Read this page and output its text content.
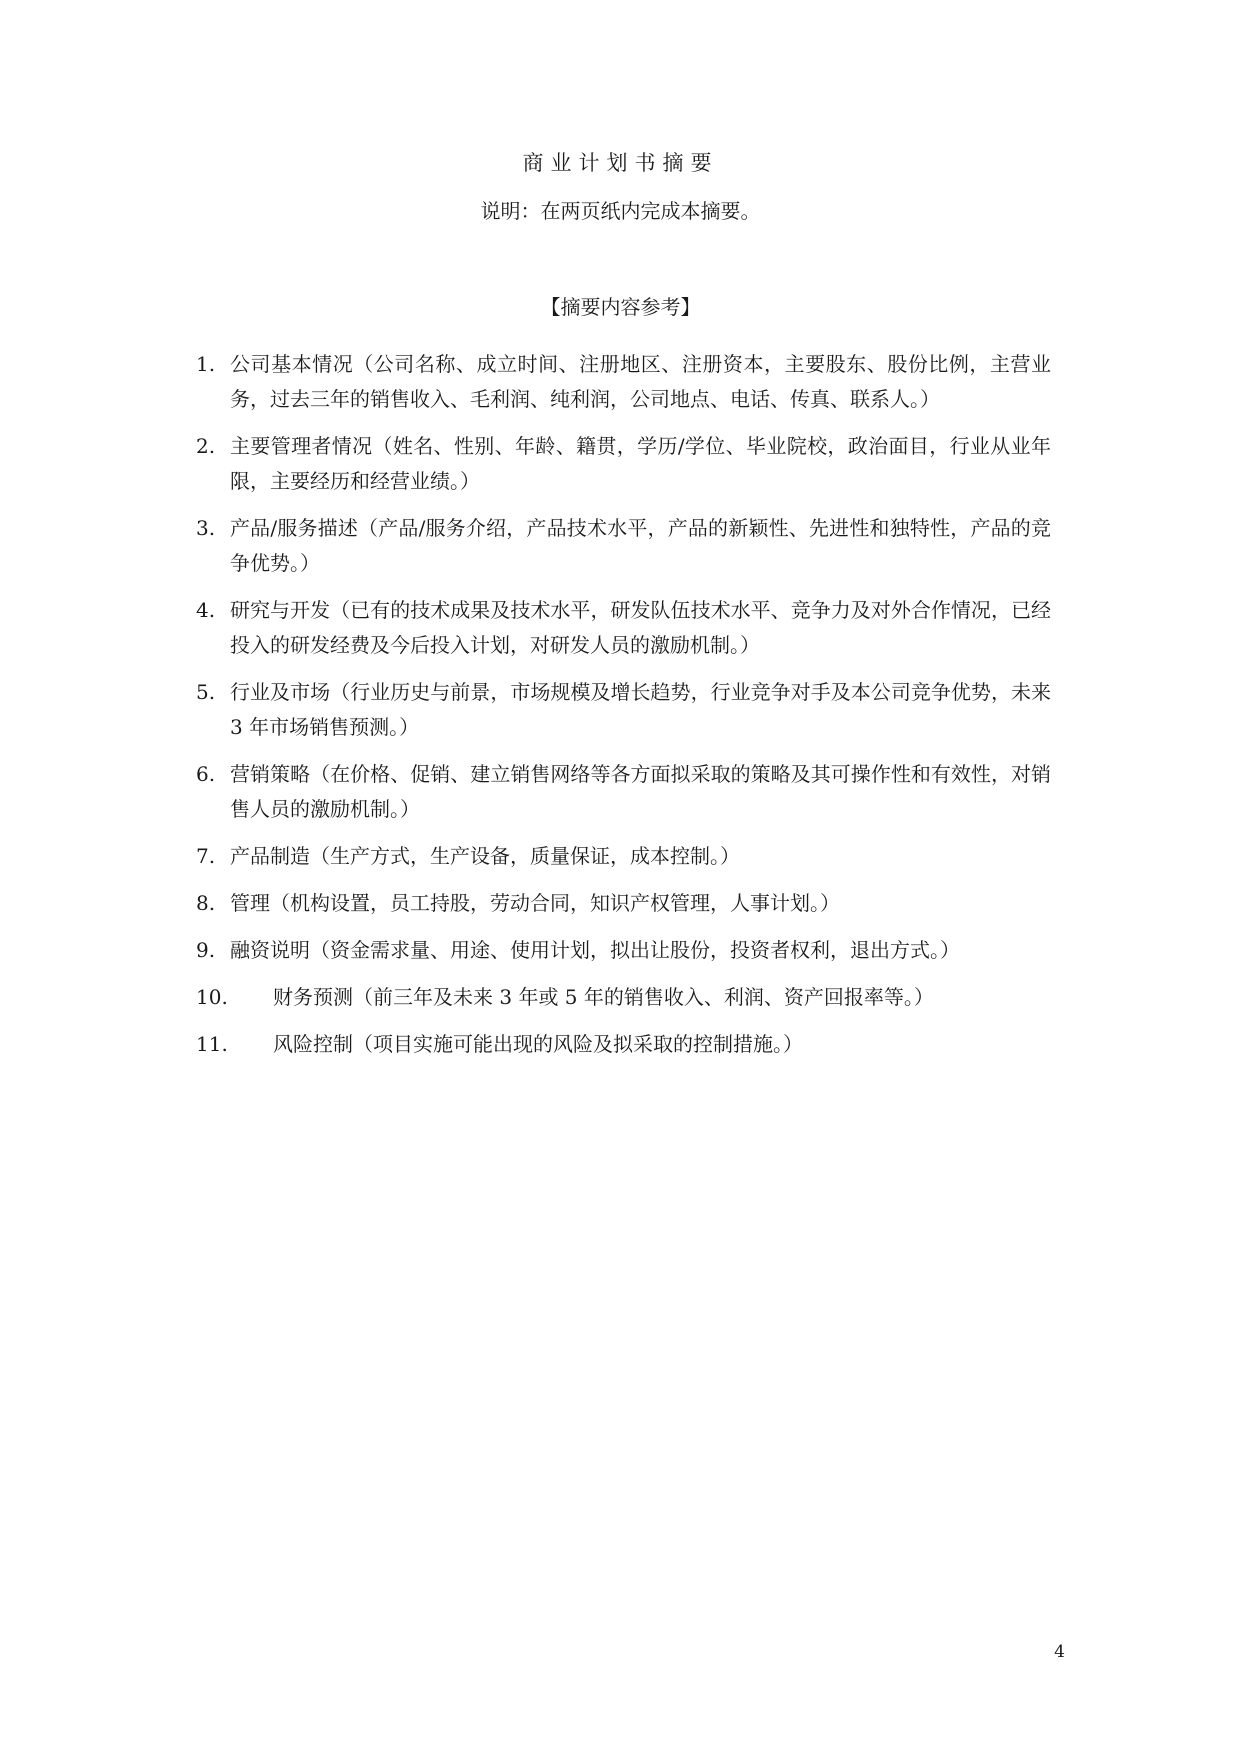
商业计划书摘要
说明：在两页纸内完成本摘要。
【摘要内容参考】
1. 公司基本情况（公司名称、成立时间、注册地区、注册资本，主要股东、股份比例，主营业务，过去三年的销售收入、毛利润、纯利润，公司地点、电话、传真、联系人。）
2. 主要管理者情况（姓名、性别、年龄、籍贯，学历/学位、毕业院校，政治面目，行业从业年限，主要经历和经营业绩。）
3. 产品/服务描述（产品/服务介绍，产品技术水平，产品的新颖性、先进性和独特性，产品的竞争优势。）
4. 研究与开发（已有的技术成果及技术水平，研发队伍技术水平、竞争力及对外合作情况，已经投入的研发经费及今后投入计划，对研发人员的激励机制。）
5. 行业及市场（行业历史与前景，市场规模及增长趋势，行业竞争对手及本公司竞争优势，未来 3 年市场销售预测。）
6. 营销策略（在价格、促销、建立销售网络等各方面拟采取的策略及其可操作性和有效性，对销售人员的激励机制。）
7. 产品制造（生产方式，生产设备，质量保证，成本控制。）
8. 管理（机构设置，员工持股，劳动合同，知识产权管理，人事计划。）
9. 融资说明（资金需求量、用途、使用计划，拟出让股份，投资者权利，退出方式。）
10. 财务预测（前三年及未来 3 年或 5 年的销售收入、利润、资产回报率等。）
11. 风险控制（项目实施可能出现的风险及拟采取的控制措施。）
4
